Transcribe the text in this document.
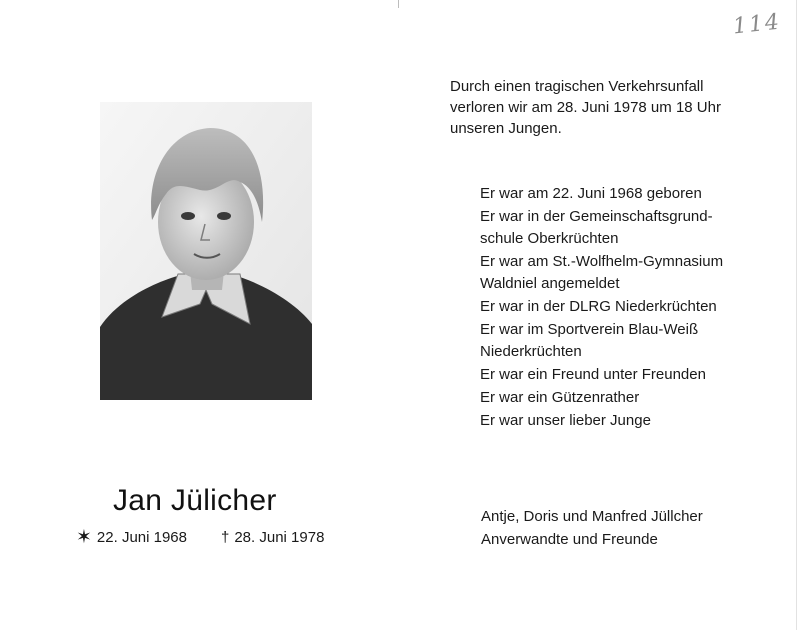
114
Jan Jülicher
✶ 22. Juni 1968 † 28. Juni 1978
Durch einen tragischen Verkehrsunfall
verloren wir am 28. Juni 1978 um 18 Uhr
unseren Jungen.
Er war am 22. Juni 1968 geboren
Er war in der Gemeinschaftsgrund-
schule Oberkrüchten
Er war am St.-Wolfhelm-Gymnasium
Waldniel angemeldet
Er war in der DLRG Niederkrüchten
Er war im Sportverein Blau-Weiß
Niederkrüchten
Er war ein Freund unter Freunden
Er war ein Gützenrather
Er war unser lieber Junge
Antje, Doris und Manfred Jüllcher
Anverwandte und Freunde
